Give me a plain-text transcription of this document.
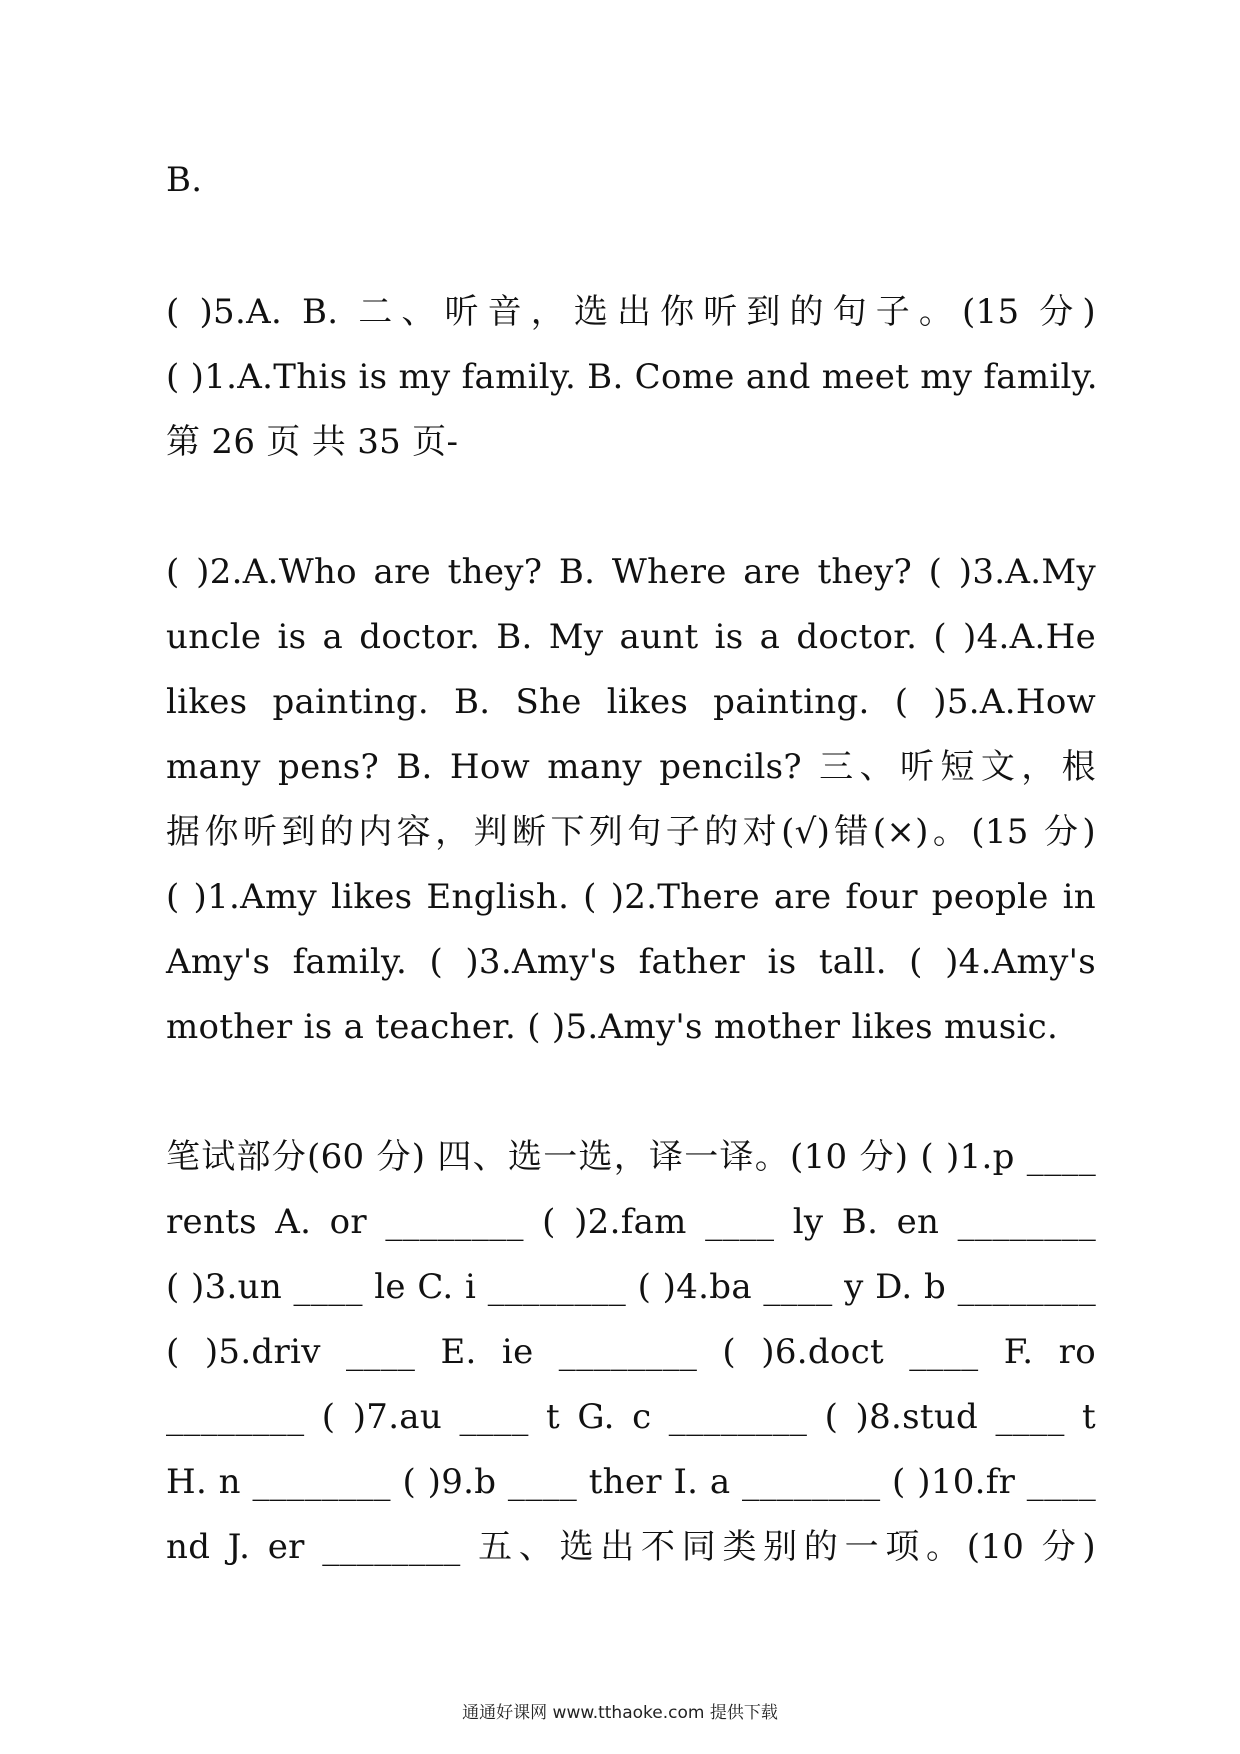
B.
( )5.A. B. 二、听音，选出你听到的句子。(15 分)
( )1.A.This is my family. B. Come and meet my family.
第 26 页 共 35 页-
( )2.A.Who are they? B. Where are they? ( )3.A.My
uncle is a doctor. B. My aunt is a doctor. ( )4.A.He
likes painting. B. She likes painting. ( )5.A.How
many pens? B. How many pencils? 三、听短文，根
据你听到的内容，判断下列句子的对(√)错(×)。(15 分)
( )1.Amy likes English. ( )2.There are four people in
Amy's family. ( )3.Amy's father is tall. ( )4.Amy's
mother is a teacher. ( )5.Amy's mother likes music.
笔试部分(60 分) 四、选一选，译一译。(10 分) ( )1.p ____
rents A. or ________ ( )2.fam ____ ly B. en ________
( )3.un ____ le C. i ________ ( )4.ba ____ y D. b ________
( )5.driv ____ E. ie ________ ( )6.doct ____ F. ro
________ ( )7.au ____ t G. c ________ ( )8.stud ____ t
H. n ________ ( )9.b ____ ther I. a ________ ( )10.fr ____
nd J. er ________ 五、选出不同类别的一项。(10 分)
通通好课网 www.tthaoke.com 提供下载
